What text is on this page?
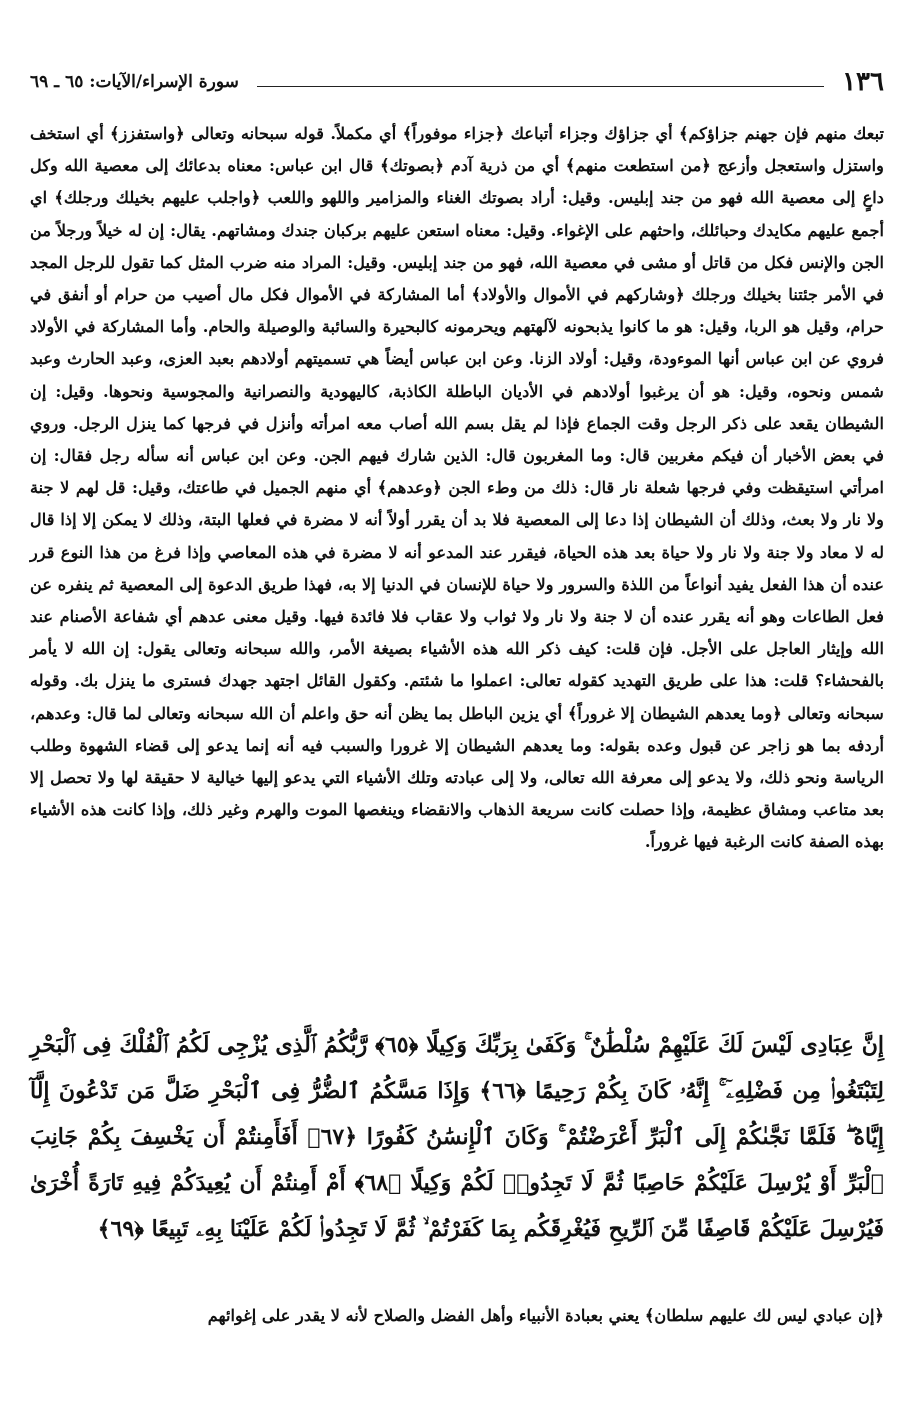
١٣٦
سورة الإسراء/الآيات: ٦٥ ـ ٦٩

تبعك منهم فإن جهنم جزاؤكم﴾ أي جزاؤك وجزاء أتباعك ﴿جزاء موفوراً﴾ أي مكملاً. قوله سبحانه وتعالى ﴿واستفزز﴾ أي استخف واستزل واستعجل وأزعج ﴿من استطعت منهم﴾ أي من ذرية آدم ﴿بصوتك﴾ قال ابن عباس: معناه بدعائك إلى معصية الله وكل داعٍ إلى معصية الله فهو من جند إبليس. وقيل: أراد بصوتك الغناء والمزامير واللهو واللعب ﴿واجلب عليهم بخيلك ورجلك﴾ اي أجمع عليهم مكايدك وحبائلك، واحثهم على الإغواء. وقيل: معناه استعن عليهم بركبان جندك ومشاتهم. يقال: إن له خيلاً ورجلاً من الجن والإنس فكل من قاتل أو مشى في معصية الله، فهو من جند إبليس. وقيل: المراد منه ضرب المثل كما تقول للرجل المجد في الأمر جئتنا بخيلك ورجلك ﴿وشاركهم في الأموال والأولاد﴾ أما المشاركة في الأموال فكل مال أصيب من حرام أو أنفق في حرام، وقيل هو الربا، وقيل: هو ما كانوا يذبحونه لآلهتهم ويحرمونه كالبحيرة والسائبة والوصيلة والحام. وأما المشاركة في الأولاد فروي عن ابن عباس أنها الموءودة، وقيل: أولاد الزنا. وعن ابن عباس أيضاً هي تسميتهم أولادهم بعبد العزى، وعبد الحارث وعبد شمس ونحوه، وقيل: هو أن يرغبوا أولادهم في الأديان الباطلة الكاذبة، كاليهودية والنصرانية والمجوسية ونحوها. وقيل: إن الشيطان يقعد على ذكر الرجل وقت الجماع فإذا لم يقل بسم الله أصاب معه امرأته وأنزل في فرجها كما ينزل الرجل. وروي في بعض الأخبار أن فيكم مغربين قال: وما المغربون قال: الذين شارك فيهم الجن. وعن ابن عباس أنه سأله رجل فقال: إن امرأتي استيقظت وفي فرجها شعلة نار قال: ذلك من وطء الجن ﴿وعدهم﴾ أي منهم الجميل في طاعتك، وقيل: قل لهم لا جنة ولا نار ولا بعث، وذلك أن الشيطان إذا دعا إلى المعصية فلا بد أن يقرر أولاً أنه لا مضرة في فعلها البتة، وذلك لا يمكن إلا إذا قال له لا معاد ولا جنة ولا نار ولا حياة بعد هذه الحياة، فيقرر عند المدعو أنه لا مضرة في هذه المعاصي وإذا فرغ من هذا النوع قرر عنده أن هذا الفعل يفيد أنواعاً من اللذة والسرور ولا حياة للإنسان في الدنيا إلا به، فهذا طريق الدعوة إلى المعصية ثم ينفره عن فعل الطاعات وهو أنه يقرر عنده أن لا جنة ولا نار ولا ثواب ولا عقاب فلا فائدة فيها. وقيل معنى عدهم أي شفاعة الأصنام عند الله وإيثار العاجل على الأجل. فإن قلت: كيف ذكر الله هذه الأشياء بصيغة الأمر، والله سبحانه وتعالى يقول: إن الله لا يأمر بالفحشاء؟ قلت: هذا على طريق التهديد كقوله تعالى: اعملوا ما شئتم. وكقول القائل اجتهد جهدك فسترى ما ينزل بك. وقوله سبحانه وتعالى ﴿وما يعدهم الشيطان إلا غروراً﴾ أي يزين الباطل بما يظن أنه حق واعلم أن الله سبحانه وتعالى لما قال: وعدهم، أردفه بما هو زاجر عن قبول وعده بقوله: وما يعدهم الشيطان إلا غرورا والسبب فيه أنه إنما يدعو إلى قضاء الشهوة وطلب الرياسة ونحو ذلك، ولا يدعو إلى معرفة الله تعالى، ولا إلى عبادته وتلك الأشياء التي يدعو إليها خيالية لا حقيقة لها ولا تحصل إلا بعد متاعب ومشاق عظيمة، وإذا حصلت كانت سريعة الذهاب والانقضاء وينغصها الموت والهرم وغير ذلك، وإذا كانت هذه الأشياء بهذه الصفة كانت الرغبة فيها غروراً.

إِنَّ عِبَادِى لَيْسَ لَكَ عَلَيْهِمْ سُلْطَٰنٌ ۚ وَكَفَىٰ بِرَبِّكَ وَكِيلًا ﴿٦٥﴾ رَّبُّكُمُ ٱلَّذِى يُزْجِى لَكُمُ ٱلْفُلْكَ فِى ٱلْبَحْرِ لِتَبْتَغُوا۟ مِن فَضْلِهِۦٓ ۚ إِنَّهُۥ كَانَ بِكُمْ رَحِيمًا ﴿٦٦﴾ وَإِذَا مَسَّكُمُ ٱلضُّرُّ فِى ٱلْبَحْرِ ضَلَّ مَن تَدْعُونَ إِلَّآ إِيَّاهُ ۖ فَلَمَّا نَجَّىٰكُمْ إِلَى ٱلْبَرِّ أَعْرَضْتُمْ ۚ وَكَانَ ٱلْإِنسَٰنُ كَفُورًا ﴿٦٧﴾ أَفَأَمِنتُمْ أَن يَخْسِفَ بِكُمْ جَانِبَ ٱلْبَرِّ أَوْ يُرْسِلَ عَلَيْكُمْ حَاصِبًا ثُمَّ لَا تَجِدُوا۟ لَكُمْ وَكِيلًا ﴿٦٨﴾ أَمْ أَمِنتُمْ أَن يُعِيدَكُمْ فِيهِ تَارَةً أُخْرَىٰ فَيُرْسِلَ عَلَيْكُمْ قَاصِفًا مِّنَ ٱلرِّيحِ فَيُغْرِقَكُم بِمَا كَفَرْتُمْ ۙ ثُمَّ لَا تَجِدُوا۟ لَكُمْ عَلَيْنَا بِهِۦ تَبِيعًا ﴿٦٩﴾

﴿إن عبادي ليس لك عليهم سلطان﴾ يعني بعبادة الأنبياء وأهل الفضل والصلاح لأنه لا يقدر على إغوائهم
